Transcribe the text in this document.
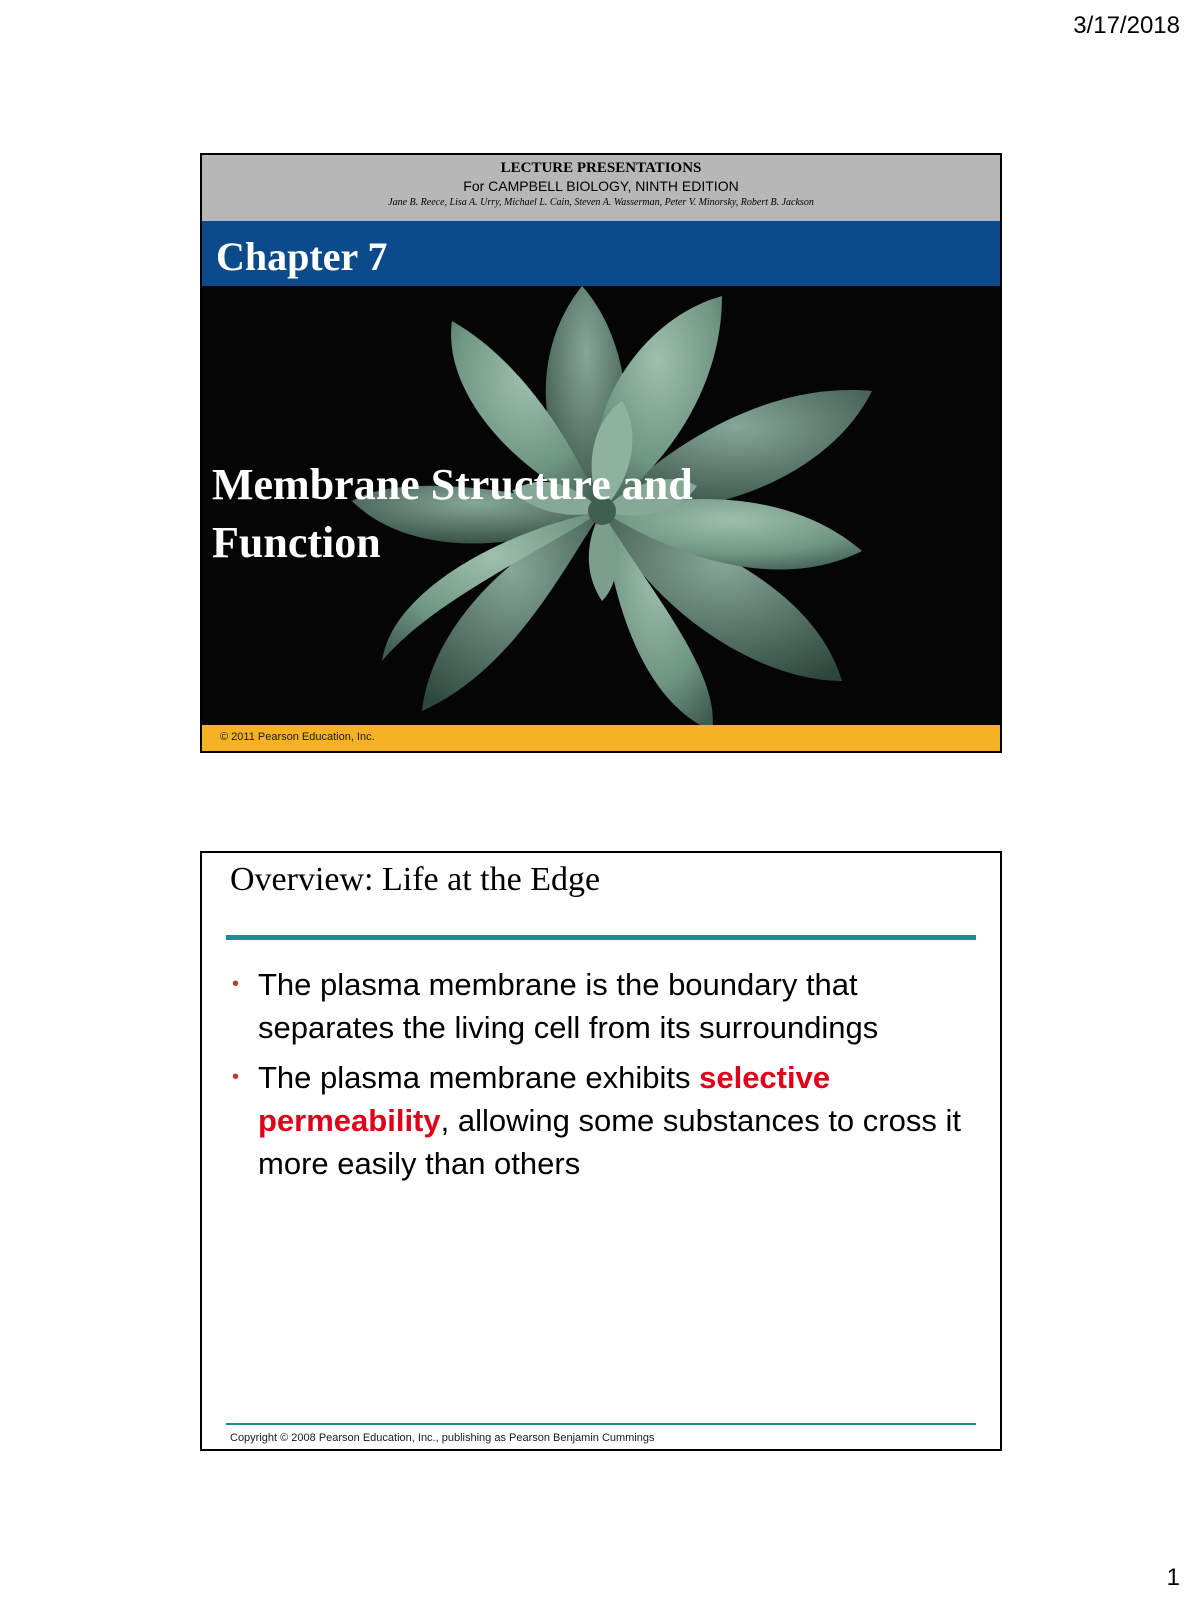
3/17/2018
LECTURE PRESENTATIONS
For CAMPBELL BIOLOGY, NINTH EDITION
Jane B. Reece, Lisa A. Urry, Michael L. Cain, Steven A. Wasserman, Peter V. Minorsky, Robert B. Jackson
Chapter 7
Membrane Structure and
Function
Lectures by
Erin Barley
Kathleen Fitzpatrick
© 2011 Pearson Education, Inc.
Overview: Life at the Edge
• The plasma membrane is the boundary that separates the living cell from its surroundings
• The plasma membrane exhibits selective permeability, allowing some substances to cross it more easily than others
Copyright © 2008 Pearson Education, Inc., publishing as Pearson Benjamin Cummings
1
